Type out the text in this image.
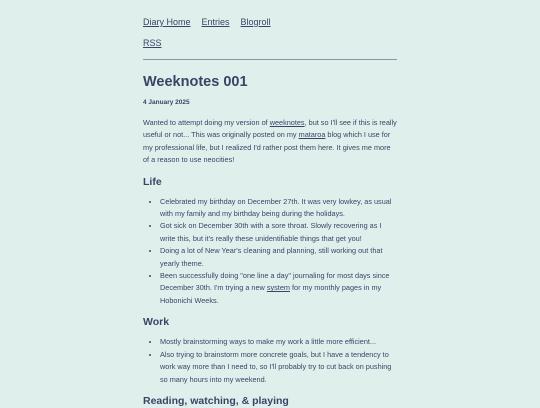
Diary Home Entries Blogroll
RSS
Weeknotes 001
4 January 2025

Wanted to attempt doing my version of weeknotes, but so I'll see if this is really useful or not... This was originally posted on my mataroa blog which I use for my professional life, but I realized I'd rather post them here. It gives me more of a reason to use neocities!

Life
• Celebrated my birthday on December 27th. It was very lowkey, as usual with my family and my birthday being during the holidays.
• Got sick on December 30th with a sore throat. Slowly recovering as I write this, but it's really these unidentifiable things that get you!
• Doing a lot of New Year's cleaning and planning, still working out that yearly theme.
• Been successfully doing "one line a day" journaling for most days since December 30th. I'm trying a new system for my monthly pages in my Hobonichi Weeks.
Work
• Mostly brainstorming ways to make my work a little more efficient...
• Also trying to brainstorm more concrete goals, but I have a tendency to work way more than I need to, so I'll probably try to cut back on pushing so many hours into my weekend.
Reading, watching, & playing
